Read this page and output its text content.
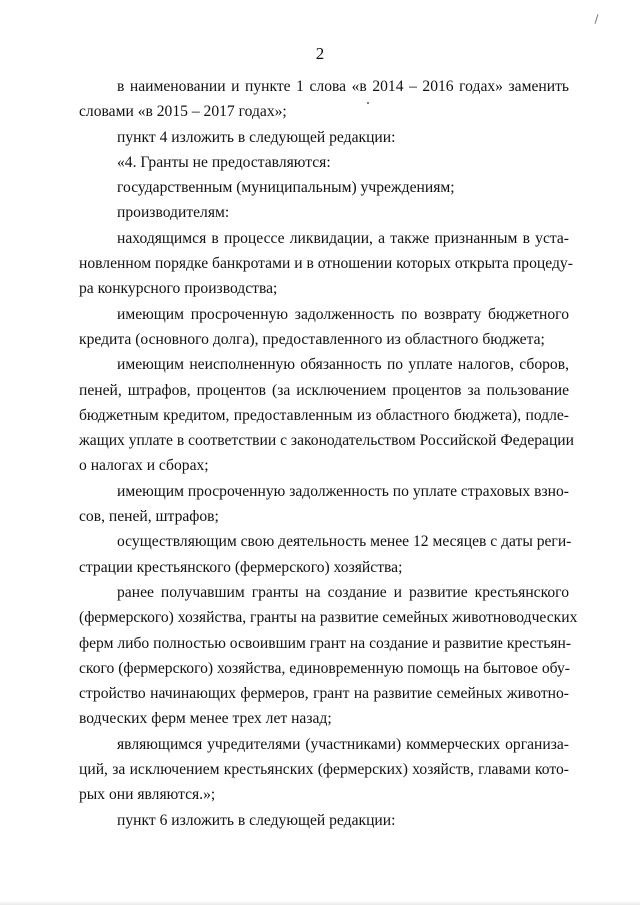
2
в наименовании и пункте 1 слова «в 2014 – 2016 годах» заменить
словами «в 2015 – 2017 годах»;
пункт 4 изложить в следующей редакции:
«4. Гранты не предоставляются:
государственным (муниципальным) учреждениям;
производителям:
находящимся в процессе ликвидации, а также признанным в уста-
новленном порядке банкротами и в отношении которых открыта процеду-
ра конкурсного производства;
имеющим просроченную задолженность по возврату бюджетного
кредита (основного долга), предоставленного из областного бюджета;
имеющим неисполненную обязанность по уплате налогов, сборов,
пеней, штрафов, процентов (за исключением процентов за пользование
бюджетным кредитом, предоставленным из областного бюджета), подле-
жащих уплате в соответствии с законодательством Российской Федерации
о налогах и сборах;
имеющим просроченную задолженность по уплате страховых взно-
сов, пеней, штрафов;
осуществляющим свою деятельность менее 12 месяцев с даты реги-
страции крестьянского (фермерского) хозяйства;
ранее получавшим гранты на создание и развитие крестьянского
(фермерского) хозяйства, гранты на развитие семейных животноводческих
ферм либо полностью освоившим грант на создание и развитие крестьян-
ского (фермерского) хозяйства, единовременную помощь на бытовое обу-
стройство начинающих фермеров, грант на развитие семейных животно-
водческих ферм менее трех лет назад;
являющимся учредителями (участниками) коммерческих организа-
ций, за исключением крестьянских (фермерских) хозяйств, главами кото-
рых они являются.»;
пункт 6 изложить в следующей редакции:
